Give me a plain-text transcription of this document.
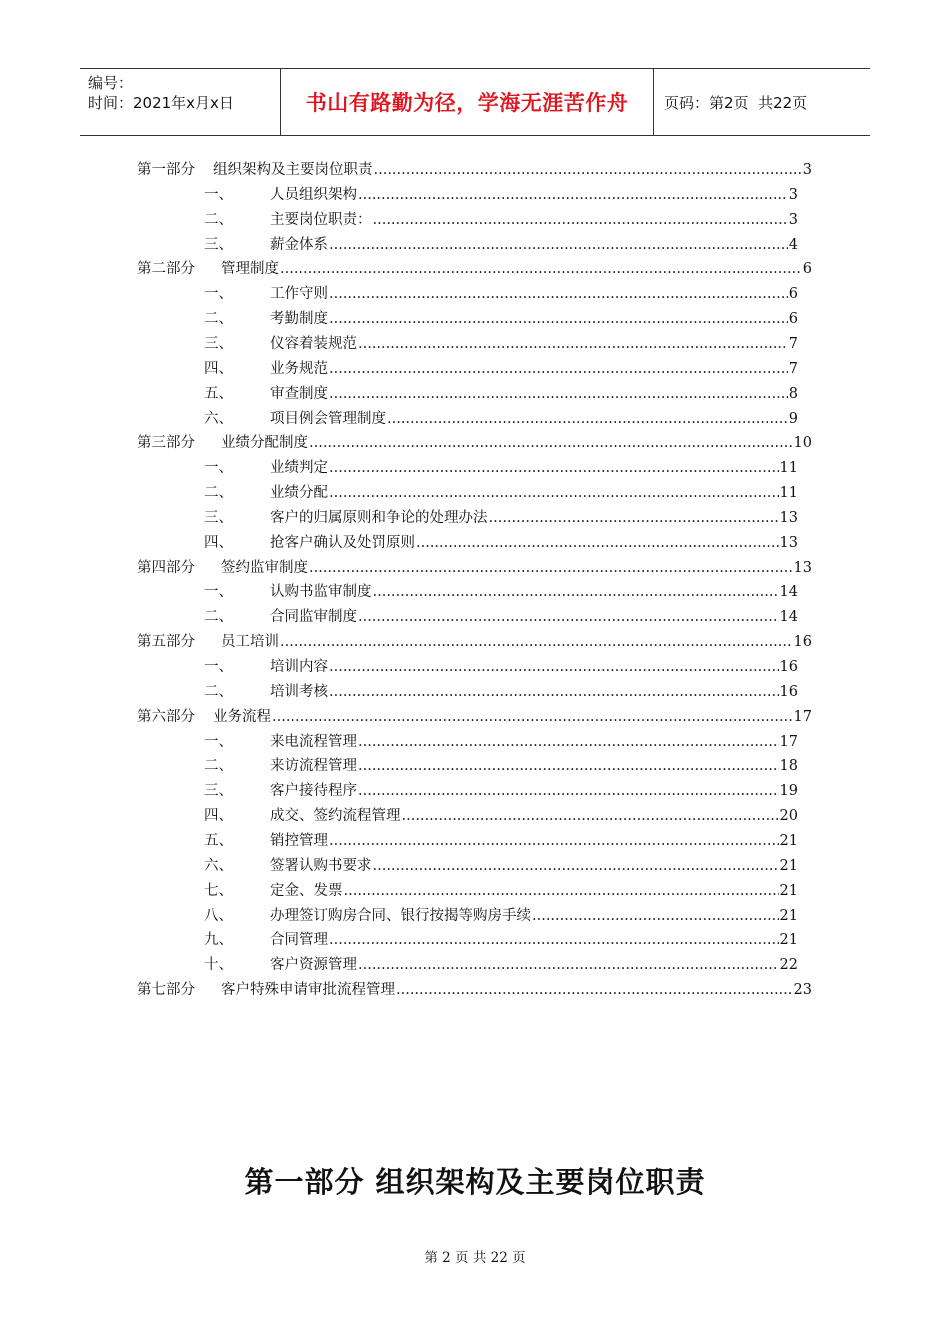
编号：
时间：2021年x月x日	书山有路勤为径，学海无涯苦作舟	页码：第2页  共22页
第一部分	组织架构及主要岗位职责 .....	3
一、	人员组织架构 .....	3
二、	主要岗位职责： .....	3
三、	薪金体系 .....	4
第二部分	管理制度 .....	6
一、	工作守则 .....	6
二、	考勤制度 .....	6
三、	仪容着装规范 .....	7
四、	业务规范 .....	7
五、	审查制度 .....	8
六、	项目例会管理制度 .....	9
第三部分	业绩分配制度 .....	10
一、	业绩判定 .....	11
二、	业绩分配 .....	11
三、	客户的归属原则和争论的处理办法 .....	13
四、	抢客户确认及处罚原则 .....	13
第四部分	签约监审制度 .....	13
一、	认购书监审制度 .....	14
二、	合同监审制度 .....	14
第五部分	员工培训 .....	16
一、	培训内容 .....	16
二、	培训考核 .....	16
第六部分	业务流程 .....	17
一、	来电流程管理 .....	17
二、	来访流程管理 .....	18
三、	客户接待程序 .....	19
四、	成交、签约流程管理 .....	20
五、	销控管理 .....	21
六、	签署认购书要求 .....	21
七、	定金、发票 .....	21
八、	办理签订购房合同、银行按揭等购房手续 .....	21
九、	合同管理 .....	21
十、	客户资源管理 .....	22
第七部分	客户特殊申请审批流程管理 .....	23
第一部分 组织架构及主要岗位职责
第 2 页 共 22 页
